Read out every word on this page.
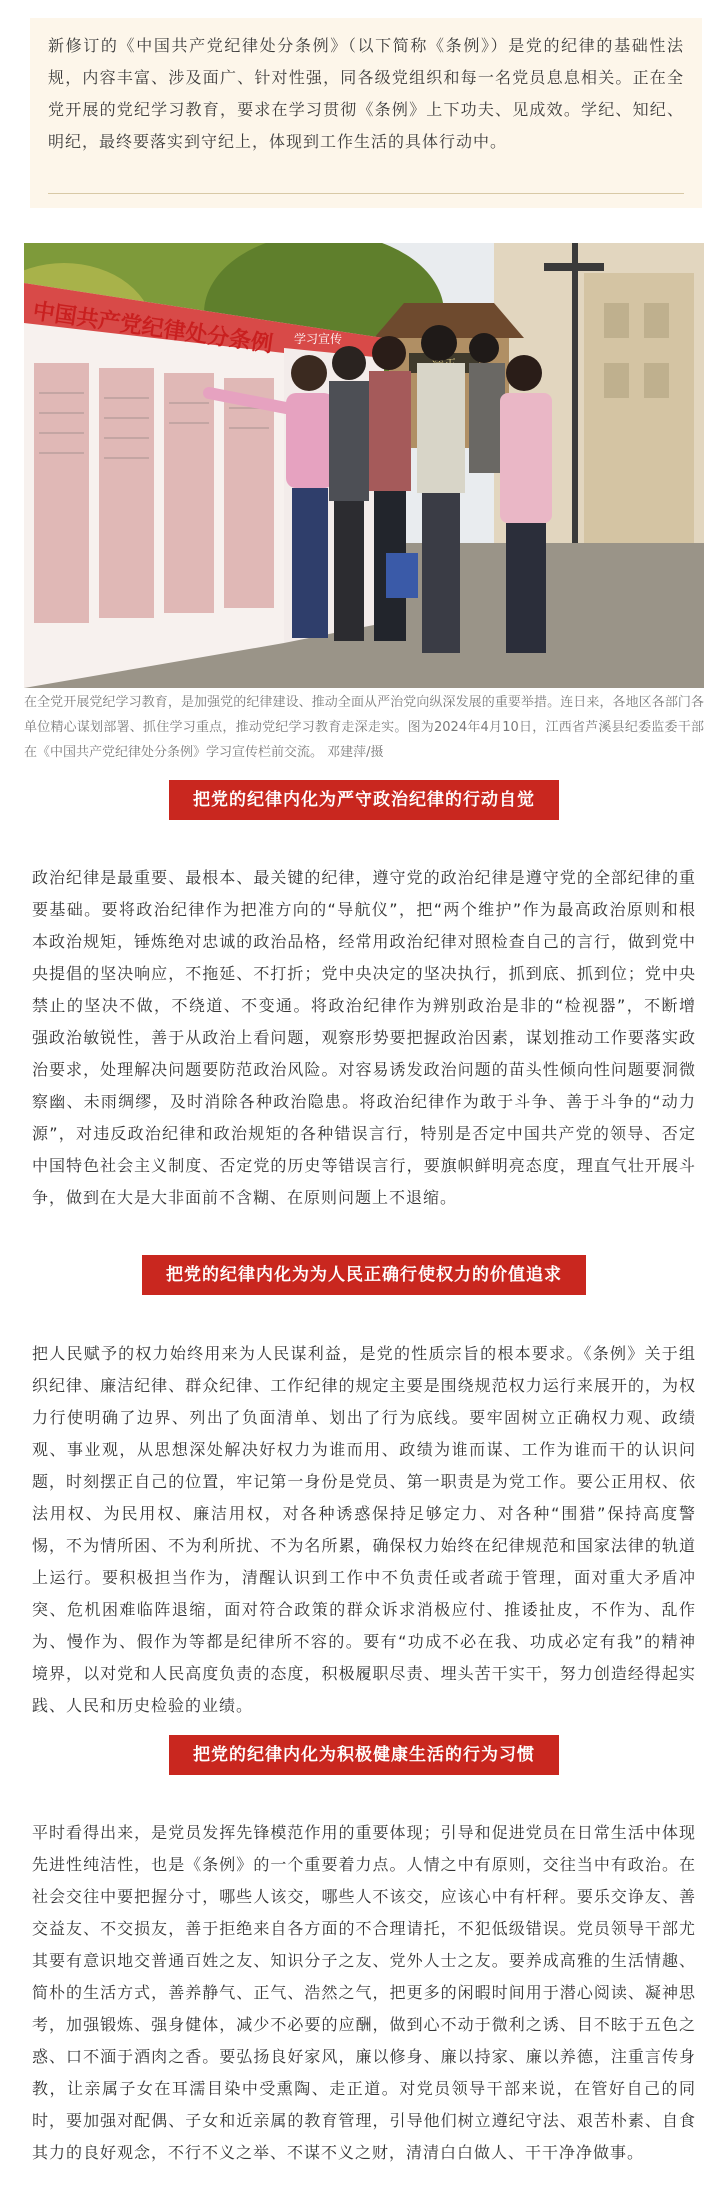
新修订的《中国共产党纪律处分条例》（以下简称《条例》）是党的纪律的基础性法规，内容丰富、涉及面广、针对性强，同各级党组织和每一名党员息息相关。正在全党开展的党纪学习教育，要求在学习贯彻《条例》上下功夫、见成效。学纪、知纪、明纪，最终要落实到守纪上，体现到工作生活的具体行动中。

中国共产党纪律处分条例 学习宣传

在全党开展党纪学习教育，是加强党的纪律建设、推动全面从严治党向纵深发展的重要举措。连日来，各地区各部门各单位精心谋划部署、抓住学习重点，推动党纪学习教育走深走实。图为2024年4月10日，江西省芦溪县纪委监委干部在《中国共产党纪律处分条例》学习宣传栏前交流。 邓建萍/摄

把党的纪律内化为严守政治纪律的行动自觉

政治纪律是最重要、最根本、最关键的纪律，遵守党的政治纪律是遵守党的全部纪律的重要基础。要将政治纪律作为把准方向的“导航仪”，把“两个维护”作为最高政治原则和根本政治规矩，锤炼绝对忠诚的政治品格，经常用政治纪律对照检查自己的言行，做到党中央提倡的坚决响应，不拖延、不打折；党中央决定的坚决执行，抓到底、抓到位；党中央禁止的坚决不做，不绕道、不变通。将政治纪律作为辨别政治是非的“检视器”，不断增强政治敏锐性，善于从政治上看问题，观察形势要把握政治因素，谋划推动工作要落实政治要求，处理解决问题要防范政治风险。对容易诱发政治问题的苗头性倾向性问题要洞微察幽、未雨绸缪，及时消除各种政治隐患。将政治纪律作为敢于斗争、善于斗争的“动力源”，对违反政治纪律和政治规矩的各种错误言行，特别是否定中国共产党的领导、否定中国特色社会主义制度、否定党的历史等错误言行，要旗帜鲜明亮态度，理直气壮开展斗争，做到在大是大非面前不含糊、在原则问题上不退缩。

把党的纪律内化为为人民正确行使权力的价值追求

把人民赋予的权力始终用来为人民谋利益，是党的性质宗旨的根本要求。《条例》关于组织纪律、廉洁纪律、群众纪律、工作纪律的规定主要是围绕规范权力运行来展开的，为权力行使明确了边界、列出了负面清单、划出了行为底线。要牢固树立正确权力观、政绩观、事业观，从思想深处解决好权力为谁而用、政绩为谁而谋、工作为谁而干的认识问题，时刻摆正自己的位置，牢记第一身份是党员、第一职责是为党工作。要公正用权、依法用权、为民用权、廉洁用权，对各种诱惑保持足够定力、对各种“围猎”保持高度警惕，不为情所困、不为利所扰、不为名所累，确保权力始终在纪律规范和国家法律的轨道上运行。要积极担当作为，清醒认识到工作中不负责任或者疏于管理，面对重大矛盾冲突、危机困难临阵退缩，面对符合政策的群众诉求消极应付、推诿扯皮，不作为、乱作为、慢作为、假作为等都是纪律所不容的。要有“功成不必在我、功成必定有我”的精神境界，以对党和人民高度负责的态度，积极履职尽责、埋头苦干实干，努力创造经得起实践、人民和历史检验的业绩。

把党的纪律内化为积极健康生活的行为习惯

平时看得出来，是党员发挥先锋模范作用的重要体现；引导和促进党员在日常生活中体现先进性纯洁性，也是《条例》的一个重要着力点。人情之中有原则，交往当中有政治。在社会交往中要把握分寸，哪些人该交，哪些人不该交，应该心中有杆秤。要乐交诤友、善交益友、不交损友，善于拒绝来自各方面的不合理请托，不犯低级错误。党员领导干部尤其要有意识地交普通百姓之友、知识分子之友、党外人士之友。要养成高雅的生活情趣、简朴的生活方式，善养静气、正气、浩然之气，把更多的闲暇时间用于潜心阅读、凝神思考，加强锻炼、强身健体，减少不必要的应酬，做到心不动于微利之诱、目不眩于五色之惑、口不湎于酒肉之香。要弘扬良好家风，廉以修身、廉以持家、廉以养德，注重言传身教，让亲属子女在耳濡目染中受熏陶、走正道。对党员领导干部来说，在管好自己的同时，要加强对配偶、子女和近亲属的教育管理，引导他们树立遵纪守法、艰苦朴素、自食其力的良好观念，不行不义之举、不谋不义之财，清清白白做人、干干净净做事。
